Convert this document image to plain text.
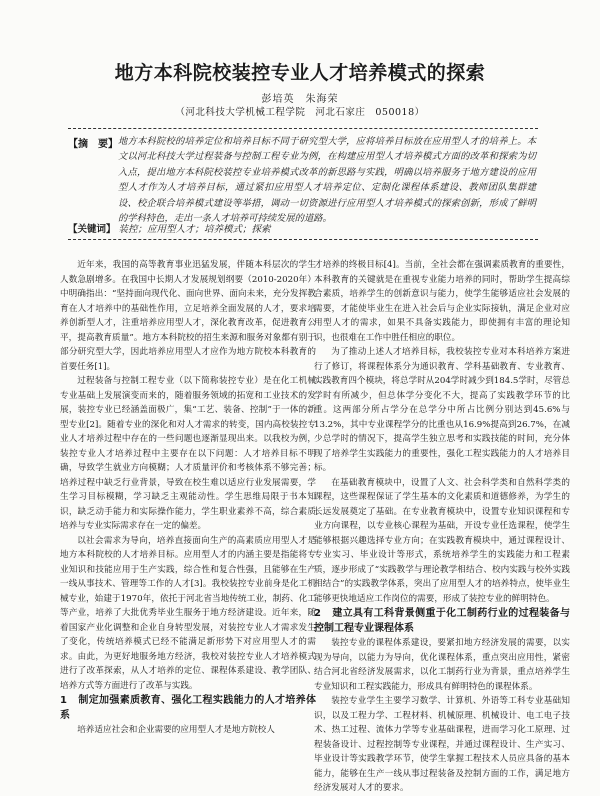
地方本科院校装控专业人才培养模式的探索
彭培英　朱海荣
（河北科技大学机械工程学院　河北石家庄　050018）
【摘　要】 地方本科院校的培养定位和培养目标不同于研究型大学，应将培养目标放在应用型人才的培养上。本文以河北科技大学过程装备与控制工程专业为例，在构建应用型人才培养模式方面的改革和探索为切入点，提出地方本科院校装控专业培养模式改革的新思路与实践，明确以培养服务于地方建设的应用型人才作为人才培养目标，通过紧扣应用型人才培养定位、定制化课程体系建设、教师团队集群建设、校企联合培养模式建设等举措，调动一切资源进行应用型人才培养模式的探索创新，形成了鲜明的学科特色，走出一条人才培养可持续发展的道路。
【关键词】 装控；应用型人才；培养模式；探索

近年来，我国的高等教育事业迅猛发展，伴随本科层次的学生人数急剧增多。在我国中长期人才发展规划纲要（2010-2020年）中明确指出：“坚持面向现代化、面向世界、面向未来，充分发挥教育在人才培养中的基础性作用，立足培养全面发展的人才，要求培养创新型人才，注重培养应用型人才，深化教育改革，促进教育公平，提高教育质量”。地方本科院校的招生来源和服务对象都有别于部分研究型大学，因此培养应用型人才应作为地方院校本科教育的首要任务[1]。

过程装备与控制工程专业（以下简称装控专业）是在化工机械专业基础上发展演变而来的，随着服务领域的拓宽和工业技术的发展，装控专业已经涵盖面极广，集“工艺、装备、控制”于一体的新型专业[2]。随着专业的深化和对人才需求的转变，国内高校装控专业人才培养过程中存在的一些问题也逐渐显现出来。以我校为例，装控专业人才培养过程中主要存在以下问题：人才培养目标不明确，导致学生就业方向模糊；人才质量评价和考核体系不够完善；培养过程中缺乏行业背景，导致在校生难以适应行业发展需要，学生学习目标模糊，学习缺乏主观能动性。学生思维局限于书本知识，缺乏动手能力和实际操作能力，学生职业素养不高，综合素质培养与专业实际需求存在一定的偏差。

以社会需求为导向，培养直接面向生产的高素质应用型人才是地方本科院校的人才培养目标。应用型人才的内涵主要是指能将专业知识和技能应用于生产实践，综合性和复合性强，且能够在生产一线从事技术、管理等工作的人才[3]。我校装控专业前身是化工机械专业，始建于1970年，依托于河北省当地传统工业，制药、化工等产业，培养了大批优秀毕业生服务于地方经济建设。近年来，随着国家产业化调整和企业自身转型发展，对装控专业人才需求发生了变化，传统培养模式已经不能满足新形势下对应用型人才的需求。由此，为更好地服务地方经济，我校对装控专业人才培养模式进行了改革探索，从人才培养的定位、课程体系建设、教学团队、培养方式等方面进行了改革与实践。

1 制定加强素质教育、强化工程实践能力的人才培养体系

培养适应社会和企业需要的应用型人才是地方院校人

才培养的终极目标[4]。当前，全社会都在强调素质教育的重要性，本科教育的关键就是在重视专业能力培养的同时，帮助学生提高综合素质，培养学生的创新意识与能力，使学生能够适应社会发展的需要，才能使毕业生在进入社会后与企业实际接轨，满足企业对应用型人才的需求，如果不具备实践能力，即使拥有丰富的理论知识，也很难在工作中胜任相应的职位。

为了推动上述人才培养目标，我校装控专业对本科培养方案进行了修订，将课程体系分为通识教育、学科基础教育、专业教育、实践教育四个模块，将总学时从204学时减少到184.5学时，尽管总学时有所减少，但总体学分变化不大，提高了实践教学环节的比重。这两部分所占学分在总学分中所占比例分别达到45.6%与13.2%，其中专业课程学分的比重也从16.9%提高到26.7%，在减少总学时的情况下，提高学生独立思考和实践技能的时间，充分体现了培养学生实践能力的重要性，强化工程实践能力的人才培养目标。

在基础教育模块中，设置了人文、社会科学类和自然科学类的课程，这些课程保证了学生基本的文化素质和道德修养，为学生的长远发展奠定了基础。在专业教育模块中，设置专业知识课程和专业方向课程，以专业核心课程为基础，开设专业任选课程，使学生能够根据兴趣选择专业方向；在实践教育模块中，通过课程设计、专业实习、毕业设计等形式，系统培养学生的实践能力和工程素质，逐步形成了“实践教学与理论教学相结合、校内实践与校外实践相结合”的实践教学体系，突出了应用型人才的培养特点，使毕业生能够更快地适应工作岗位的需要，形成了装控专业的鲜明特色。

2 建立具有工科背景侧重于化工制药行业的过程装备与控制工程专业课程体系

装控专业的课程体系建设，要紧扣地方经济发展的需要，以实现为导向，以能力为导向，优化课程体系，重点突出应用性，紧密结合河北省经济发展需求，以化工制药行业为背景，重点培养学生专业知识和工程实践能力，形成具有鲜明特色的课程体系。

装控专业学生主要学习数学、计算机、外语等工科专业基础知识，以及工程力学、工程材料、机械原理、机械设计、电工电子技术、热工过程、流体力学等专业基础课程，进而学习化工原理、过程装备设计、过程控制等专业课程，并通过课程设计、生产实习、毕业设计等实践教学环节，使学生掌握工程技术人员应具备的基本能力，能够在生产一线从事过程装备及控制方面的工作，满足地方经济发展对人才的要求。
